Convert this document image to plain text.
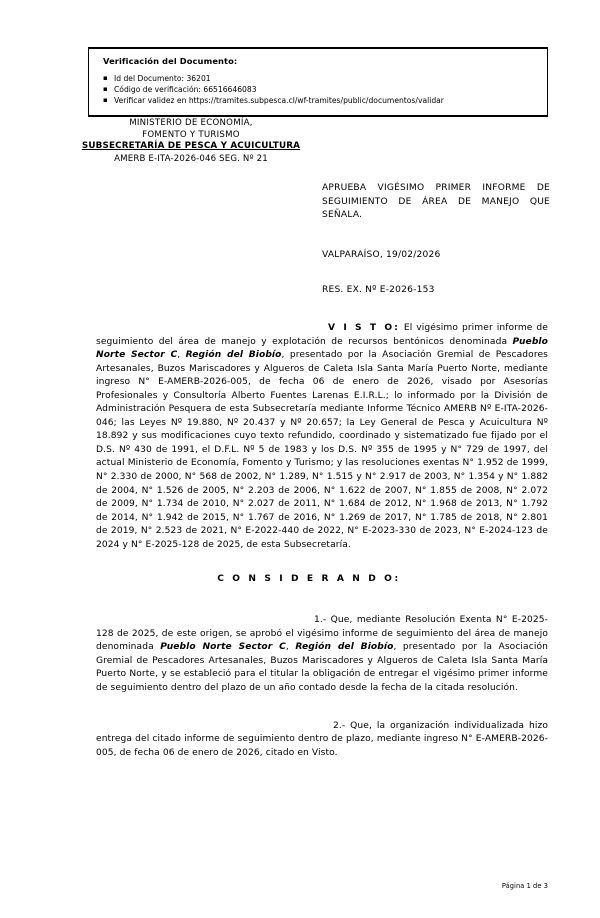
Verificación del Documento:
▪ Id del Documento: 36201
▪ Código de verificación: 66516646083
▪ Verificar validez en https://tramites.subpesca.cl/wf-tramites/public/documentos/validar
MINISTERIO DE ECONOMÍA,
FOMENTO Y TURISMO
SUBSECRETARÍA DE PESCA Y ACUICULTURA
AMERB E-ITA-2026-046 SEG. Nº 21
APRUEBA VIGÉSIMO PRIMER INFORME DE SEGUIMIENTO DE ÁREA DE MANEJO QUE SEÑALA.
VALPARAÍSO, 19/02/2026
RES. EX. Nº E-2026-153

V I S T O: El vigésimo primer informe de seguimiento del área de manejo y explotación de recursos bentónicos denominada Pueblo Norte Sector C, Región del Biobío, presentado por la Asociación Gremial de Pescadores Artesanales, Buzos Mariscadores y Algueros de Caleta Isla Santa María Puerto Norte, mediante ingreso N° E-AMERB-2026-005, de fecha 06 de enero de 2026, visado por Asesorías Profesionales y Consultoría Alberto Fuentes Larenas E.I.R.L.; lo informado por la División de Administración Pesquera de esta Subsecretaría mediante Informe Técnico AMERB Nº E-ITA-2026-046; las Leyes Nº 19.880, Nº 20.437 y Nº 20.657; la Ley General de Pesca y Acuicultura Nº 18.892 y sus modificaciones cuyo texto refundido, coordinado y sistematizado fue fijado por el D.S. Nº 430 de 1991, el D.F.L. Nº 5 de 1983 y los D.S. Nº 355 de 1995 y N° 729 de 1997, del actual Ministerio de Economía, Fomento y Turismo; y las resoluciones exentas N° 1.952 de 1999, N° 2.330 de 2000, N° 568 de 2002, N° 1.289, N° 1.515 y N° 2.917 de 2003, N° 1.354 y N° 1.882 de 2004, N° 1.526 de 2005, N° 2.203 de 2006, N° 1.622 de 2007, N° 1.855 de 2008, N° 2.072 de 2009, N° 1.734 de 2010, N° 2.027 de 2011, N° 1.684 de 2012, N° 1.968 de 2013, N° 1.792 de 2014, N° 1.942 de 2015, N° 1.767 de 2016, N° 1.269 de 2017, N° 1.785 de 2018, N° 2.801 de 2019, N° 2.523 de 2021, N° E-2022-440 de 2022, N° E-2023-330 de 2023, N° E-2024-123 de 2024 y N° E-2025-128 de 2025, de esta Subsecretaría.

C O N S I D E R A N D O:

1.- Que, mediante Resolución Exenta N° E-2025-128 de 2025, de este origen, se aprobó el vigésimo informe de seguimiento del área de manejo denominada Pueblo Norte Sector C, Región del Biobío, presentado por la Asociación Gremial de Pescadores Artesanales, Buzos Mariscadores y Algueros de Caleta Isla Santa María Puerto Norte, y se estableció para el titular la obligación de entregar el vigésimo primer informe de seguimiento dentro del plazo de un año contado desde la fecha de la citada resolución.

2.- Que, la organización individualizada hizo entrega del citado informe de seguimiento dentro de plazo, mediante ingreso N° E-AMERB-2026-005, de fecha 06 de enero de 2026, citado en Visto.

Página 1 de 3
